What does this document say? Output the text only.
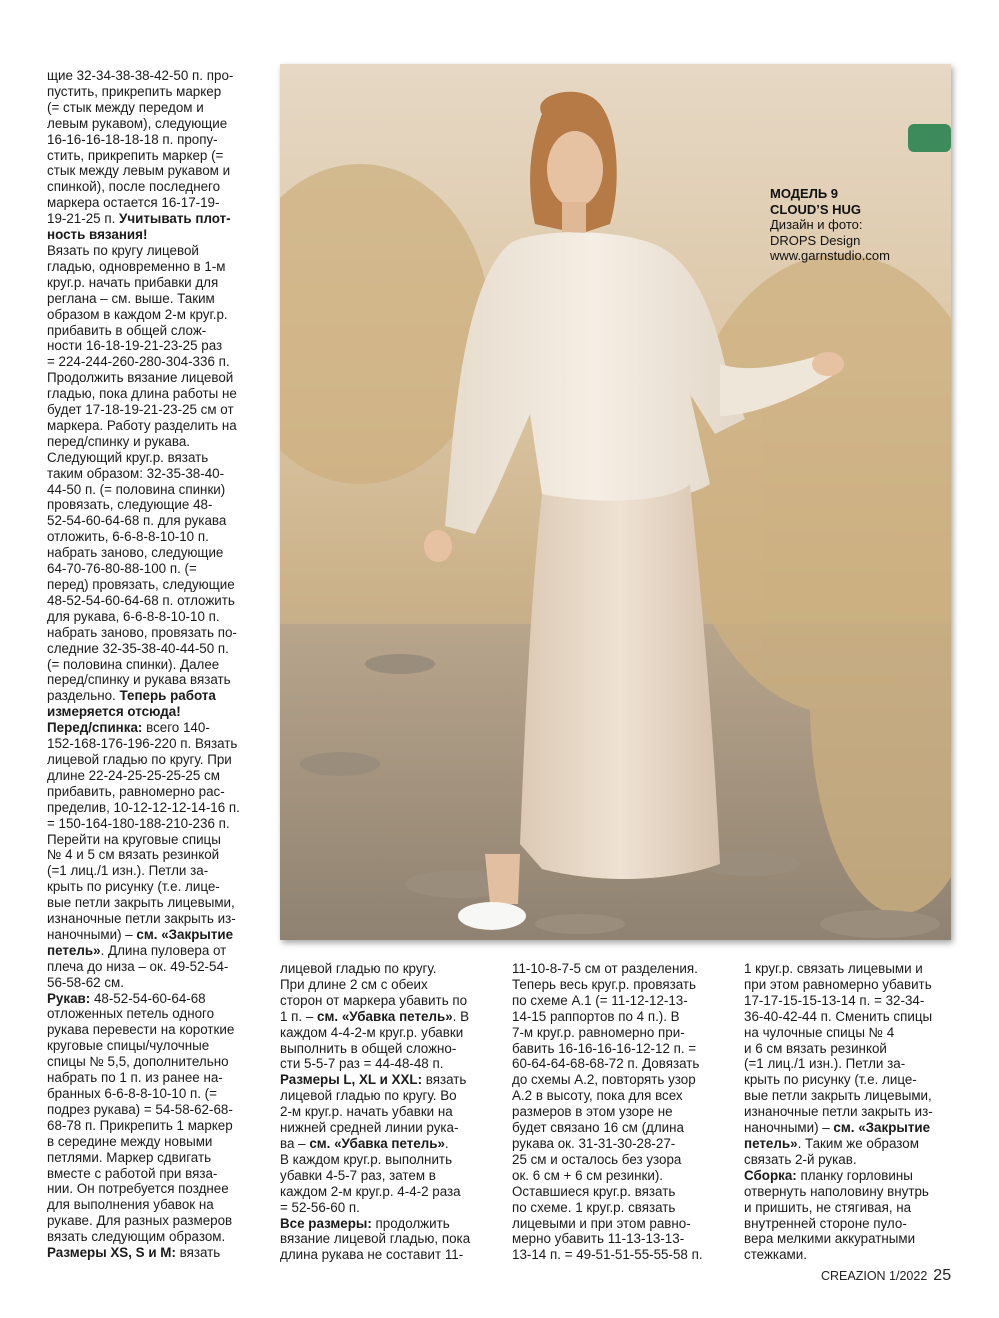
щие 32-34-38-38-42-50 п. про-
пустить, прикрепить маркер
(= стык между передом и
левым рукавом), следующие
16-16-16-18-18-18 п. пропу-
стить, прикрепить маркер (=
стык между левым рукавом и
спинкой), после последнего
маркера остается 16-17-19-
19-21-25 п. Учитывать плот-
ность вязания!
Вязать по кругу лицевой
гладью, одновременно в 1-м
круг.р. начать прибавки для
реглана – см. выше. Таким
образом в каждом 2-м круг.р.
прибавить в общей слож-
ности 16-18-19-21-23-25 раз
= 224-244-260-280-304-336 п.
Продолжить вязание лицевой
гладью, пока длина работы не
будет 17-18-19-21-23-25 см от
маркера. Работу разделить на
перед/спинку и рукава.
Следующий круг.р. вязать
таким образом: 32-35-38-40-
44-50 п. (= половина спинки)
провязать, следующие 48-
52-54-60-64-68 п. для рукава
отложить, 6-6-8-8-10-10 п.
набрать заново, следующие
64-70-76-80-88-100 п. (=
перед) провязать, следующие
48-52-54-60-64-68 п. отложить
для рукава, 6-6-8-8-10-10 п.
набрать заново, провязать по-
следние 32-35-38-40-44-50 п.
(= половина спинки). Далее
перед/спинку и рукава вязать
раздельно. Теперь работа
измеряется отсюда!
Перед/спинка: всего 140-
152-168-176-196-220 п. Вязать
лицевой гладью по кругу. При
длине 22-24-25-25-25-25 см
прибавить, равномерно рас-
пределив, 10-12-12-12-14-16 п.
= 150-164-180-188-210-236 п.
Перейти на круговые спицы
№ 4 и 5 см вязать резинкой
(=1 лиц./1 изн.). Петли за-
крыть по рисунку (т.е. лице-
вые петли закрыть лицевыми,
изнаночные петли закрыть из-
наночными) – см. «Закрытие
петель». Длина пуловера от
плеча до низа – ок. 49-52-54-
56-58-62 см.
Рукав: 48-52-54-60-64-68
отложенных петель одного
рукава перевести на короткие
круговые спицы/чулочные
спицы № 5,5, дополнительно
набрать по 1 п. из ранее на-
бранных 6-6-8-8-10-10 п. (=
подрез рукава) = 54-58-62-68-
68-78 п. Прикрепить 1 маркер
в середине между новыми
петлями. Маркер сдвигать
вместе с работой при вяза-
нии. Он потребуется позднее
для выполнения убавок на
рукаве. Для разных размеров
вязать следующим образом.
Размеры XS, S и M: вязать
МОДЕЛЬ 9
CLOUD’S HUG
Дизайн и фото:
DROPS Design
www.garnstudio.com
лицевой гладью по кругу.
При длине 2 см с обеих
сторон от маркера убавить по
1 п. – см. «Убавка петель». В
каждом 4-4-2-м круг.р. убавки
выполнить в общей сложно-
сти 5-5-7 раз = 44-48-48 п.
Размеры L, XL и XXL: вязать
лицевой гладью по кругу. Во
2-м круг.р. начать убавки на
нижней средней линии рука-
ва – см. «Убавка петель».
В каждом круг.р. выполнить
убавки 4-5-7 раз, затем в
каждом 2-м круг.р. 4-4-2 раза
= 52-56-60 п.
Все размеры: продолжить
вязание лицевой гладью, пока
длина рукава не составит 11-
11-10-8-7-5 см от разделения.
Теперь весь круг.р. провязать
по схеме А.1 (= 11-12-12-13-
14-15 раппортов по 4 п.). В
7-м круг.р. равномерно при-
бавить 16-16-16-16-12-12 п. =
60-64-64-68-68-72 п. Довязать
до схемы А.2, повторять узор
А.2 в высоту, пока для всех
размеров в этом узоре не
будет связано 16 см (длина
рукава ок. 31-31-30-28-27-
25 см и осталось без узора
ок. 6 см + 6 см резинки).
Оставшиеся круг.р. вязать
по схеме. 1 круг.р. связать
лицевыми и при этом равно-
мерно убавить 11-13-13-13-
13-14 п. = 49-51-51-55-55-58 п.
1 круг.р. связать лицевыми и
при этом равномерно убавить
17-17-15-15-13-14 п. = 32-34-
36-40-42-44 п. Сменить спицы
на чулочные спицы № 4
и 6 см вязать резинкой
(=1 лиц./1 изн.). Петли за-
крыть по рисунку (т.е. лице-
вые петли закрыть лицевыми,
изнаночные петли закрыть из-
наночными) – см. «Закрытие
петель». Таким же образом
связать 2-й рукав.
Сборка: планку горловины
отвернуть наполовину внутрь
и пришить, не стягивая, на
внутренней стороне пуло-
вера мелкими аккуратными
стежками.
CREAZION 1/2022 25
